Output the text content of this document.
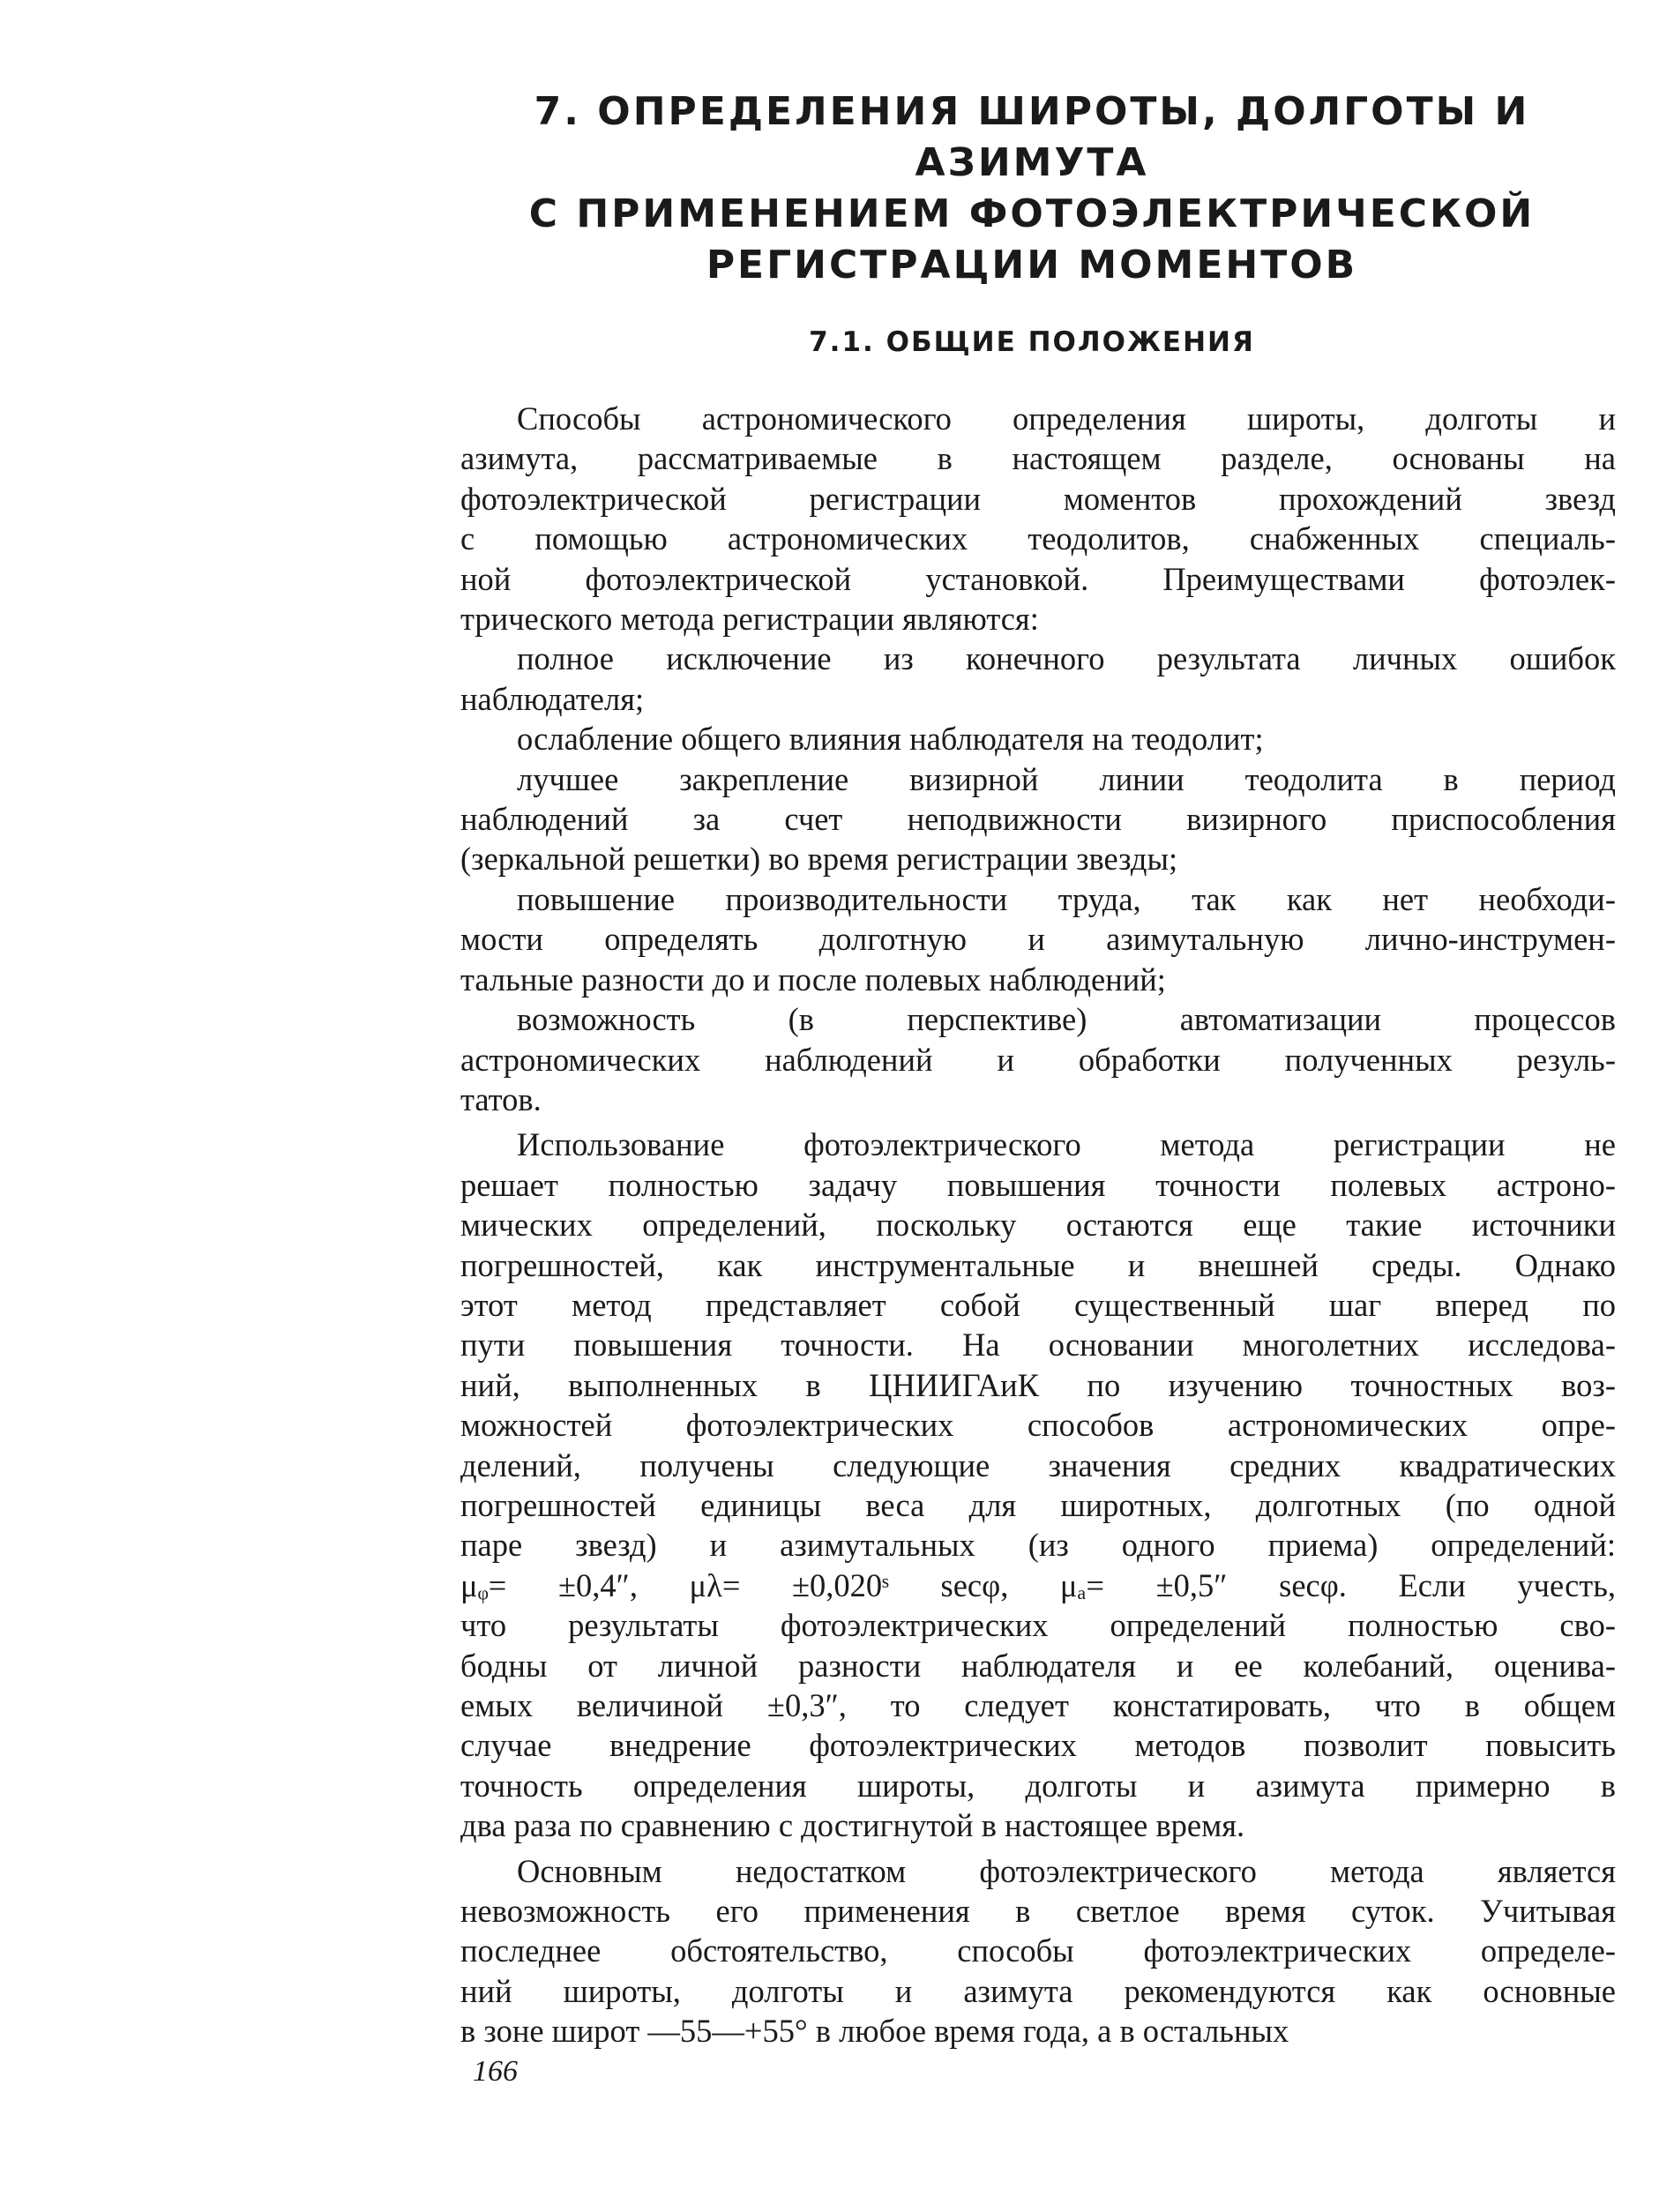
7. ОПРЕДЕЛЕНИЯ ШИРОТЫ, ДОЛГОТЫ И АЗИМУТА
С ПРИМЕНЕНИЕМ ФОТОЭЛЕКТРИЧЕСКОЙ
РЕГИСТРАЦИИ МОМЕНТОВ
7.1. ОБЩИЕ ПОЛОЖЕНИЯ

Способы астрономического определения широты, долготы и
азимута, рассматриваемые в настоящем разделе, основаны на
фотоэлектрической регистрации моментов прохождений звезд
с помощью астрономических теодолитов, снабженных специаль-
ной фотоэлектрической установкой. Преимуществами фотоэлек-
трического метода регистрации являются:

полное исключение из конечного результата личных ошибок
наблюдателя;

ослабление общего влияния наблюдателя на теодолит;

лучшее закрепление визирной линии теодолита в период
наблюдений за счет неподвижности визирного приспособления
(зеркальной решетки) во время регистрации звезды;

повышение производительности труда, так как нет необходи-
мости определять долготную и азимутальную лично-инструмен-
тальные разности до и после полевых наблюдений;

возможность (в перспективе) автоматизации процессов
астрономических наблюдений и обработки полученных резуль-
татов.

Использование фотоэлектрического метода регистрации не
решает полностью задачу повышения точности полевых астроно-
мических определений, поскольку остаются еще такие источники
погрешностей, как инструментальные и внешней среды. Однако
этот метод представляет собой существенный шаг вперед по
пути повышения точности. На основании многолетних исследова-
ний, выполненных в ЦНИИГАиК по изучению точностных воз-
можностей фотоэлектрических способов астрономических опре-
делений, получены следующие значения средних квадратических
погрешностей единицы веса для широтных, долготных (по одной
паре звезд) и азимутальных (из одного приема) определений:
μᵩ= ±0,4″, μλ= ±0,020ˢ secφ, μₐ= ±0,5″ secφ. Если учесть,
что результаты фотоэлектрических определений полностью сво-
бодны от личной разности наблюдателя и ее колебаний, оценива-
емых величиной ±0,3″, то следует констатировать, что в общем
случае внедрение фотоэлектрических методов позволит повысить
точность определения широты, долготы и азимута примерно в
два раза по сравнению с достигнутой в настоящее время.

Основным недостатком фотоэлектрического метода является
невозможность его применения в светлое время суток. Учитывая
последнее обстоятельство, способы фотоэлектрических определе-
ний широты, долготы и азимута рекомендуются как основные
в зоне широт —55—+55° в любое время года, а в остальных

166
